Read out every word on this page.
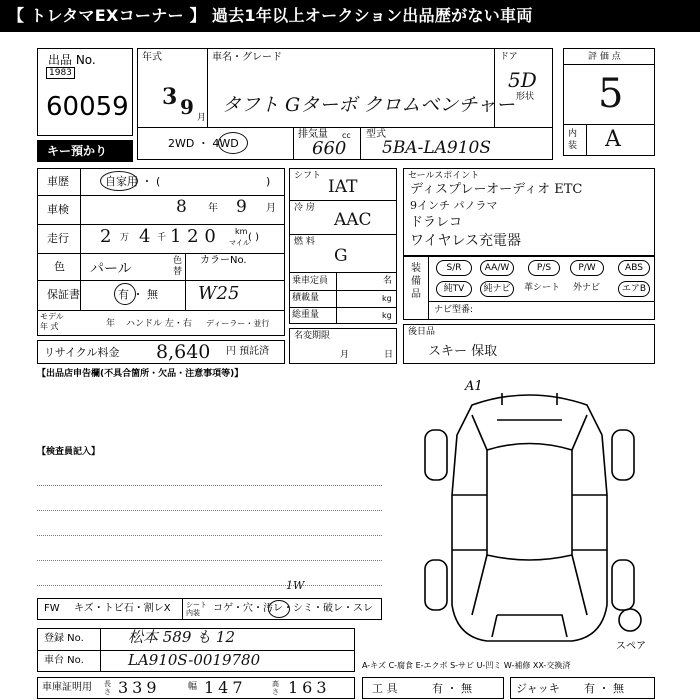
【 トレタマEXコーナー 】 過去1年以上オークション出品歴がない車両
出品 No.
1983
60059
キー預かり
年式
3 9 月
車名・グレード
タフト Gターボ クロムベンチャー
ドア
5D
形状
2WD ・ 4WD
排気量 cc
660
型式
5BA-LA910S
評 価 点
5
内装 A
車歴	自家用 ・ (	)
車検	8 年 9 月
走行 2 万 4 千 1 2 0 km
マイル
( )
色 パール	色替
カラーNo.
保証書	有 ・ 無 W25
モデル
年 式	年 ハンドル 左・右 ディーラー・並行
リサイクル料金 8,640 円 預託済
シフト
IAT
冷 房
AAC
燃 料
G
乗車定員	名
積載量	kg
総重量	kg
名変期限
月	日
セールスポイント
ディスプレーオーディオ ETC
9インチ パノラマ
ドラレコ
ワイヤレス充電器
装備品
S/R	AA/W	P/S	P/W	ABS
純TV	純ナビ	革シート 外ナビ	エアB
ナビ型番:
後日品
スキー 保取
【出品店申告欄(不具合箇所・欠品・注意事項等)】
【検査員記入】
A1
スペア
FW キズ・トビ石・割レX シート内装	コゲ・穴・汚レ・シミ・破レ・スレ
1W
登録 No.	松本 589 も 12
車台 No.	LA910S-0019780	A-キズ C-腐食 E-エクボ S-サビ U-凹ミ W-補修 XX-交換済
車庫証明用 長さ 339	幅 147	高さ 163	工 具	有 ・ 無	ジャッキ 有 ・ 無
